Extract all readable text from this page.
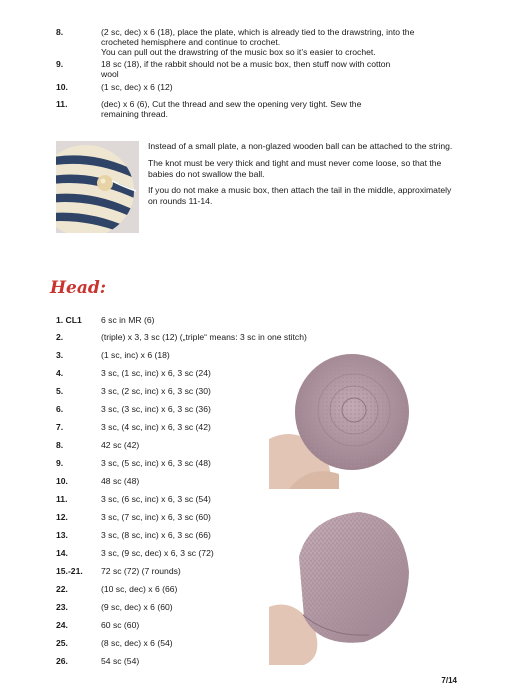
8.	(2 sc, dec) x 6 (18), place the plate, which is already tied to the drawstring, into the crocheted hemisphere and continue to crochet.
You can pull out the drawstring of the music box so it’s easier to crochet.
9.	18 sc (18), if the rabbit should not be a music box, then stuff now with cotton wool
10.	(1 sc, dec) x 6 (12)
11.	(dec) x 6 (6), Cut the thread and sew the opening very tight. Sew the remaining thread.

Instead of a small plate, a non-glazed wooden ball can be attached to the string.

The knot must be very thick and tight and must never come loose, so that the babies do not swallow the ball.

If you do not make a music box, then attach the tail in the middle, approximately on rounds 11-14.

Head:
1. CL1 6 sc in MR (6)
2.	(triple) x 3, 3 sc (12) („triple“ means: 3 sc in one stitch)
3.	(1 sc, inc) x 6 (18)
4.	3 sc, (1 sc, inc) x 6, 3 sc (24)
5.	3 sc, (2 sc, inc) x 6, 3 sc (30)
6.	3 sc, (3 sc, inc) x 6, 3 sc (36)
7.	3 sc, (4 sc, inc) x 6, 3 sc (42)
8.	42 sc (42)
9.	3 sc, (5 sc, inc) x 6, 3 sc (48)
10.	48 sc (48)
11.	3 sc, (6 sc, inc) x 6, 3 sc (54)
12.	3 sc, (7 sc, inc) x 6, 3 sc (60)
13.	3 sc, (8 sc, inc) x 6, 3 sc (66)
14.	3 sc, (9 sc, dec) x 6, 3 sc (72)
15.-21. 72 sc (72) (7 rounds)
22.	(10 sc, dec) x 6 (66)
23.	(9 sc, dec) x 6 (60)
24.	60 sc (60)
25.	(8 sc, dec) x 6 (54)
26.	54 sc (54)
7/14
